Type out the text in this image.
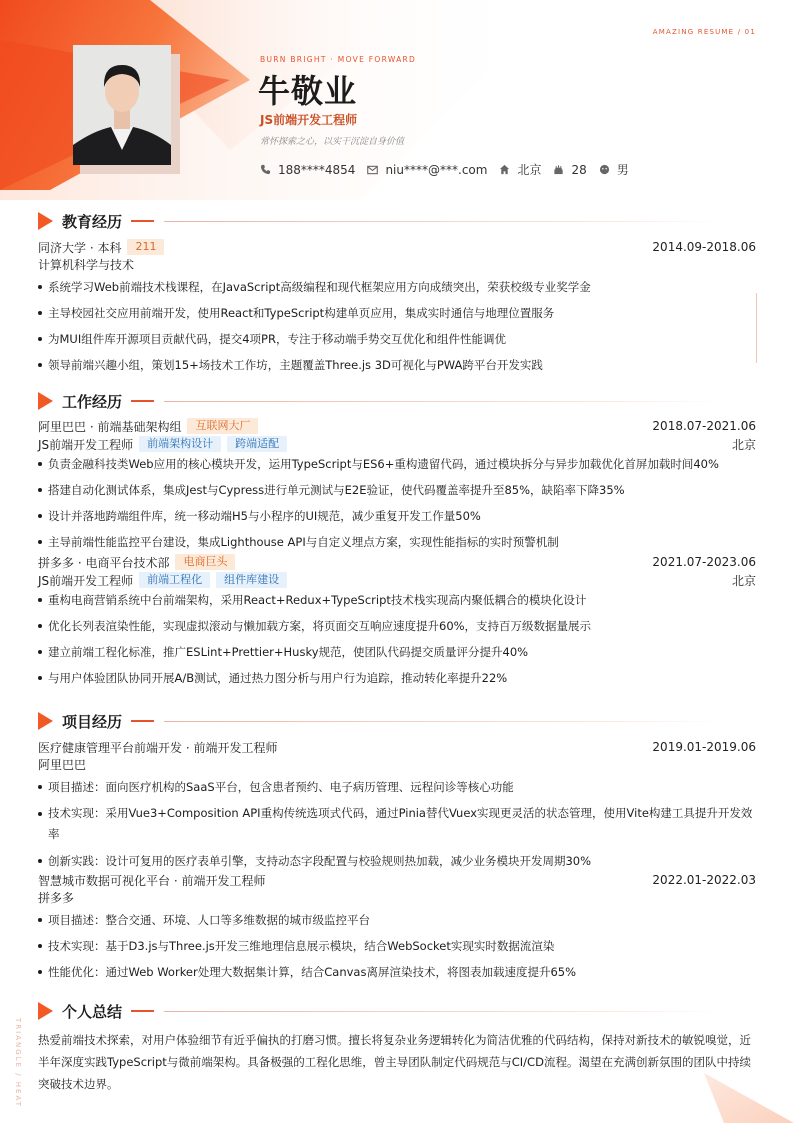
AMAZING RESUME / 01
BURN BRIGHT · MOVE FORWARD
牛敬业
JS前端开发工程师
常怀探索之心，以实干沉淀自身价值
188****4854	niu****@***.com	北京	28	男
教育经历
同济大学 · 本科	211	2014.09-2018.06
计算机科学与技术
系统学习Web前端技术栈课程，在JavaScript高级编程和现代框架应用方向成绩突出，荣获校级专业奖学金
主导校园社交应用前端开发，使用React和TypeScript构建单页应用，集成实时通信与地理位置服务
为MUI组件库开源项目贡献代码，提交4项PR，专注于移动端手势交互优化和组件性能调优
领导前端兴趣小组，策划15+场技术工作坊，主题覆盖Three.js 3D可视化与PWA跨平台开发实践
工作经历
阿里巴巴 · 前端基础架构组	互联网大厂	2018.07-2021.06
JS前端开发工程师	前端架构设计	跨端适配	北京
负责金融科技类Web应用的核心模块开发，运用TypeScript与ES6+重构遗留代码，通过模块拆分与异步加载优化首屏加载时间40%
搭建自动化测试体系，集成Jest与Cypress进行单元测试与E2E验证，使代码覆盖率提升至85%，缺陷率下降35%
设计并落地跨端组件库，统一移动端H5与小程序的UI规范，减少重复开发工作量50%
主导前端性能监控平台建设，集成Lighthouse API与自定义埋点方案，实现性能指标的实时预警机制
拼多多 · 电商平台技术部	电商巨头	2021.07-2023.06
JS前端开发工程师	前端工程化	组件库建设	北京
重构电商营销系统中台前端架构，采用React+Redux+TypeScript技术栈实现高内聚低耦合的模块化设计
优化长列表渲染性能，实现虚拟滚动与懒加载方案，将页面交互响应速度提升60%，支持百万级数据量展示
建立前端工程化标准，推广ESLint+Prettier+Husky规范，使团队代码提交质量评分提升40%
与用户体验团队协同开展A/B测试，通过热力图分析与用户行为追踪，推动转化率提升22%
项目经历
医疗健康管理平台前端开发 · 前端开发工程师	2019.01-2019.06
阿里巴巴
项目描述：面向医疗机构的SaaS平台，包含患者预约、电子病历管理、远程问诊等核心功能
技术实现：采用Vue3+Composition API重构传统选项式代码，通过Pinia替代Vuex实现更灵活的状态管理，使用Vite构建工具提升开发效率
创新实践：设计可复用的医疗表单引擎，支持动态字段配置与校验规则热加载，减少业务模块开发周期30%
智慧城市数据可视化平台 · 前端开发工程师	2022.01-2022.03
拼多多
项目描述：整合交通、环境、人口等多维数据的城市级监控平台
技术实现：基于D3.js与Three.js开发三维地理信息展示模块，结合WebSocket实现实时数据流渲染
性能优化：通过Web Worker处理大数据集计算，结合Canvas离屏渲染技术，将图表加载速度提升65%
个人总结

热爱前端技术探索，对用户体验细节有近乎偏执的打磨习惯。擅长将复杂业务逻辑转化为简洁优雅的代码结构，保持对新技术的敏锐嗅觉，近半年深度实践TypeScript与微前端架构。具备极强的工程化思维，曾主导团队制定代码规范与CI/CD流程。渴望在充满创新氛围的团队中持续突破技术边界。

TRIANGLE / HEAT
